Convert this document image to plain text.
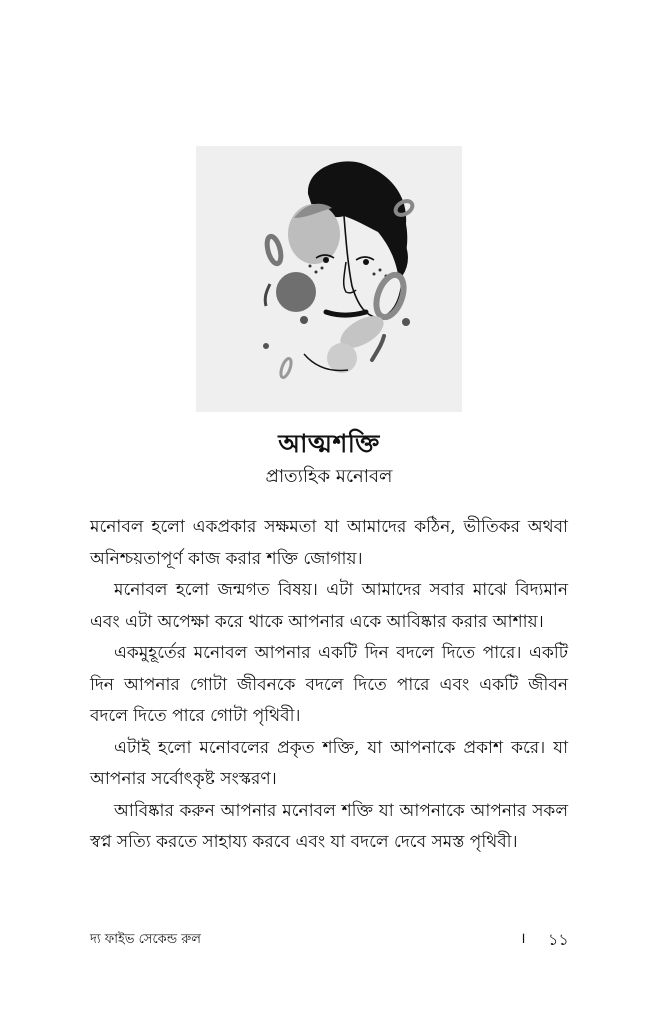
আত্মশক্তি
প্রাত্যহিক মনোবল

মনোবল হলো একপ্রকার সক্ষমতা যা আমাদের কঠিন, ভীতিকর অথবা অনিশ্চয়তাপূর্ণ কাজ করার শক্তি জোগায়।

মনোবল হলো জন্মগত বিষয়। এটা আমাদের সবার মাঝে বিদ্যমান এবং এটা অপেক্ষা করে থাকে আপনার একে আবিষ্কার করার আশায়।

একমুহূর্তের মনোবল আপনার একটি দিন বদলে দিতে পারে। একটি দিন আপনার গোটা জীবনকে বদলে দিতে পারে এবং একটি জীবন বদলে দিতে পারে গোটা পৃথিবী।

এটাই হলো মনোবলের প্রকৃত শক্তি, যা আপনাকে প্রকাশ করে। যা আপনার সর্বোৎকৃষ্ট সংস্করণ।

আবিষ্কার করুন আপনার মনোবল শক্তি যা আপনাকে আপনার সকল স্বপ্ন সত্যি করতে সাহায্য করবে এবং যা বদলে দেবে সমস্ত পৃথিবী।

দ্য ফাইভ সেকেন্ড রুল	। ১১
